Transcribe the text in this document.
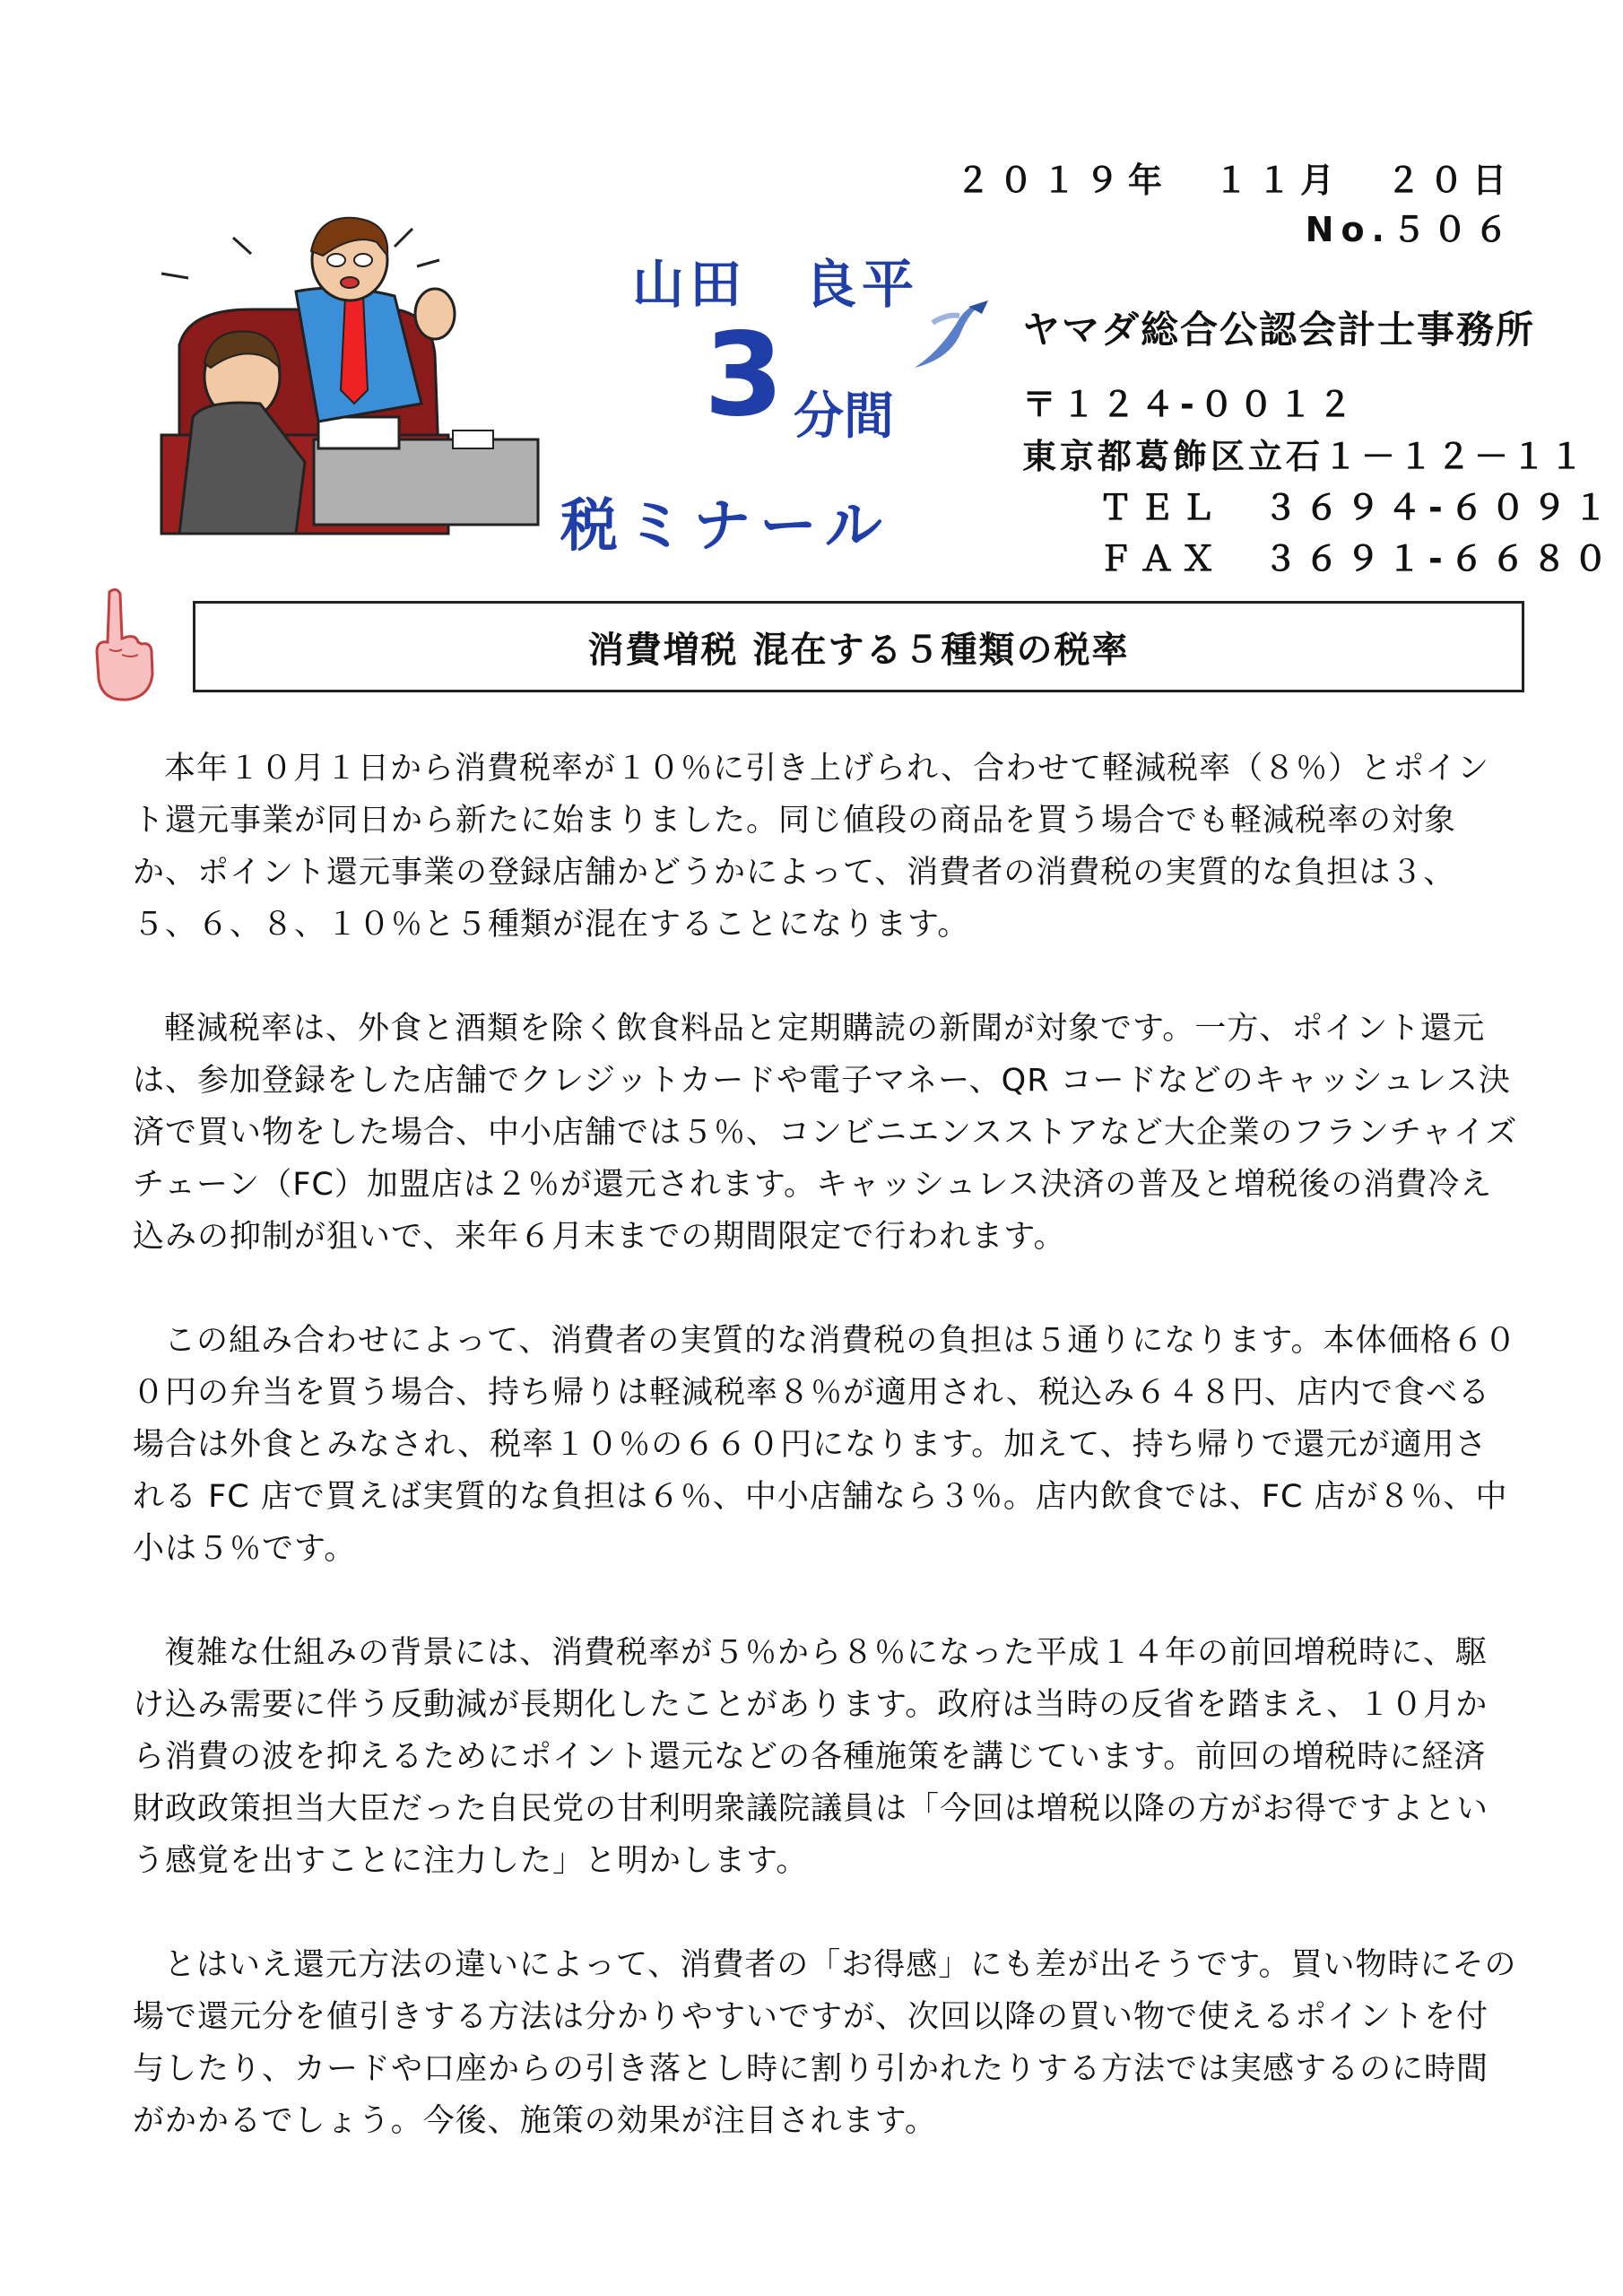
２０１９年　１１月　２０日
No.５０６
山田　良平
3 分間
税ミナール
ヤマダ総合公認会計士事務所
〒１２４-００１２
東京都葛飾区立石１－１２－１１
ＴＥＬ　３６９４-６０９１
ＦＡＸ　３６９１-６６８０
消費増税 混在する５種類の税率

本年１０月１日から消費税率が１０％に引き上げられ、合わせて軽減税率（８％）とポイント還元事業が同日から新たに始まりました。同じ値段の商品を買う場合でも軽減税率の対象か、ポイント還元事業の登録店舗かどうかによって、消費者の消費税の実質的な負担は３、５、６、８、１０％と５種類が混在することになります。

軽減税率は、外食と酒類を除く飲食料品と定期購読の新聞が対象です。一方、ポイント還元は、参加登録をした店舗でクレジットカードや電子マネー、QR コードなどのキャッシュレス決済で買い物をした場合、中小店舗では５％、コンビニエンスストアなど大企業のフランチャイズチェーン（FC）加盟店は２％が還元されます。キャッシュレス決済の普及と増税後の消費冷え込みの抑制が狙いで、来年６月末までの期間限定で行われます。

この組み合わせによって、消費者の実質的な消費税の負担は５通りになります。本体価格６００円の弁当を買う場合、持ち帰りは軽減税率８％が適用され、税込み６４８円、店内で食べる場合は外食とみなされ、税率１０％の６６０円になります。加えて、持ち帰りで還元が適用される FC 店で買えば実質的な負担は６％、中小店舗なら３％。店内飲食では、FC 店が８％、中小は５％です。

複雑な仕組みの背景には、消費税率が５％から８％になった平成１４年の前回増税時に、駆け込み需要に伴う反動減が長期化したことがあります。政府は当時の反省を踏まえ、１０月から消費の波を抑えるためにポイント還元などの各種施策を講じています。前回の増税時に経済財政政策担当大臣だった自民党の甘利明衆議院議員は「今回は増税以降の方がお得ですよという感覚を出すことに注力した」と明かします。

とはいえ還元方法の違いによって、消費者の「お得感」にも差が出そうです。買い物時にその場で還元分を値引きする方法は分かりやすいですが、次回以降の買い物で使えるポイントを付与したり、カードや口座からの引き落とし時に割り引かれたりする方法では実感するのに時間がかかるでしょう。今後、施策の効果が注目されます。
